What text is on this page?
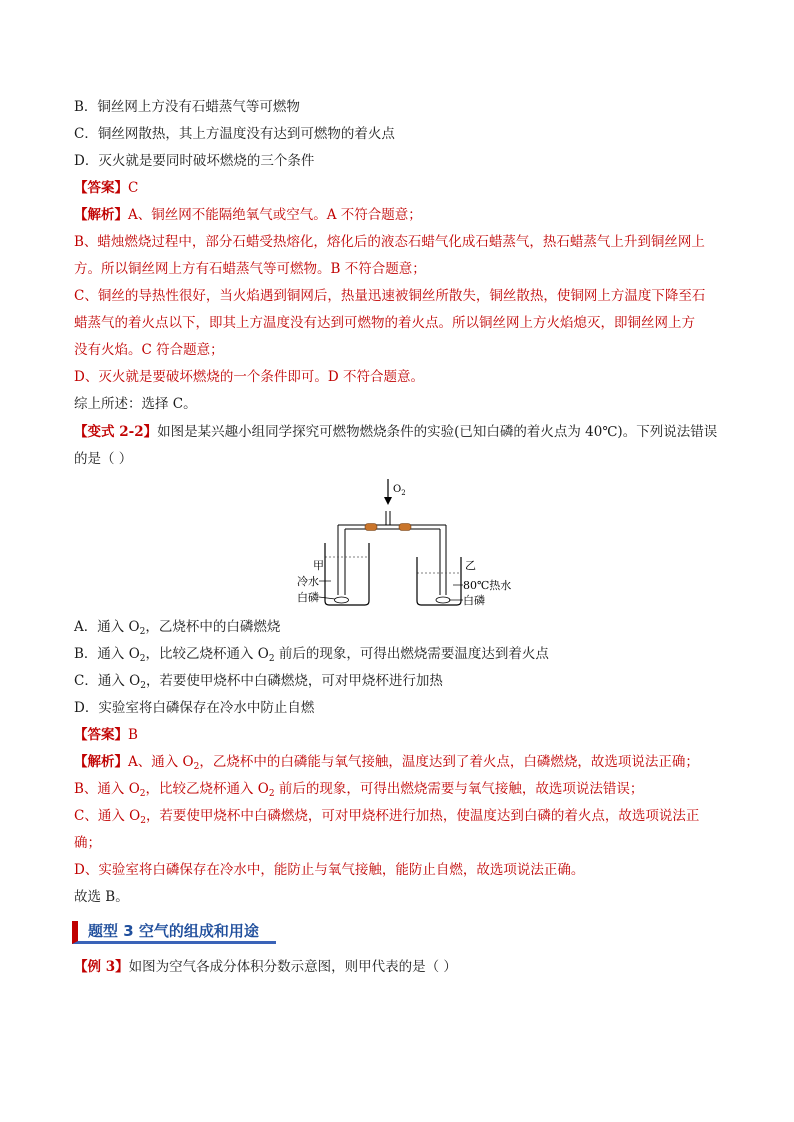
B．铜丝网上方没有石蜡蒸气等可燃物
C．铜丝网散热，其上方温度没有达到可燃物的着火点
D．灭火就是要同时破坏燃烧的三个条件
【答案】C
【解析】A、铜丝网不能隔绝氧气或空气。A 不符合题意；
B、蜡烛燃烧过程中，部分石蜡受热熔化，熔化后的液态石蜡气化成石蜡蒸气，热石蜡蒸气上升到铜丝网上
方。所以铜丝网上方有石蜡蒸气等可燃物。B 不符合题意；
C、铜丝的导热性很好，当火焰遇到铜网后，热量迅速被铜丝所散失，铜丝散热，使铜网上方温度下降至石
蜡蒸气的着火点以下，即其上方温度没有达到可燃物的着火点。所以铜丝网上方火焰熄灭，即铜丝网上方
没有火焰。C 符合题意；
D、灭火就是要破坏燃烧的一个条件即可。D 不符合题意。
综上所述：选择 C。
【变式 2-2】如图是某兴趣小组同学探究可燃物燃烧条件的实验(已知白磷的着火点为 40℃)。下列说法错误
的是（ ）
$O_2$
甲	乙
冷水
白磷
80℃热水
白磷
A．通入 $O_2$，乙烧杯中的白磷燃烧
B．通入 $O_2$，比较乙烧杯通入 $O_2$ 前后的现象，可得出燃烧需要温度达到着火点
C．通入 $O_2$，若要使甲烧杯中白磷燃烧，可对甲烧杯进行加热
D．实验室将白磷保存在冷水中防止自燃
【答案】B
【解析】A、通入 $O_2$，乙烧杯中的白磷能与氧气接触，温度达到了着火点，白磷燃烧，故选项说法正确；
B、通入 $O_2$，比较乙烧杯通入 $O_2$ 前后的现象，可得出燃烧需要与氧气接触，故选项说法错误；
C、通入 $O_2$，若要使甲烧杯中白磷燃烧，可对甲烧杯进行加热，使温度达到白磷的着火点，故选项说法正
确；
D、实验室将白磷保存在冷水中，能防止与氧气接触，能防止自燃，故选项说法正确。
故选 B。
题型 3 空气的组成和用途
【例 3】如图为空气各成分体积分数示意图，则甲代表的是（ ）
